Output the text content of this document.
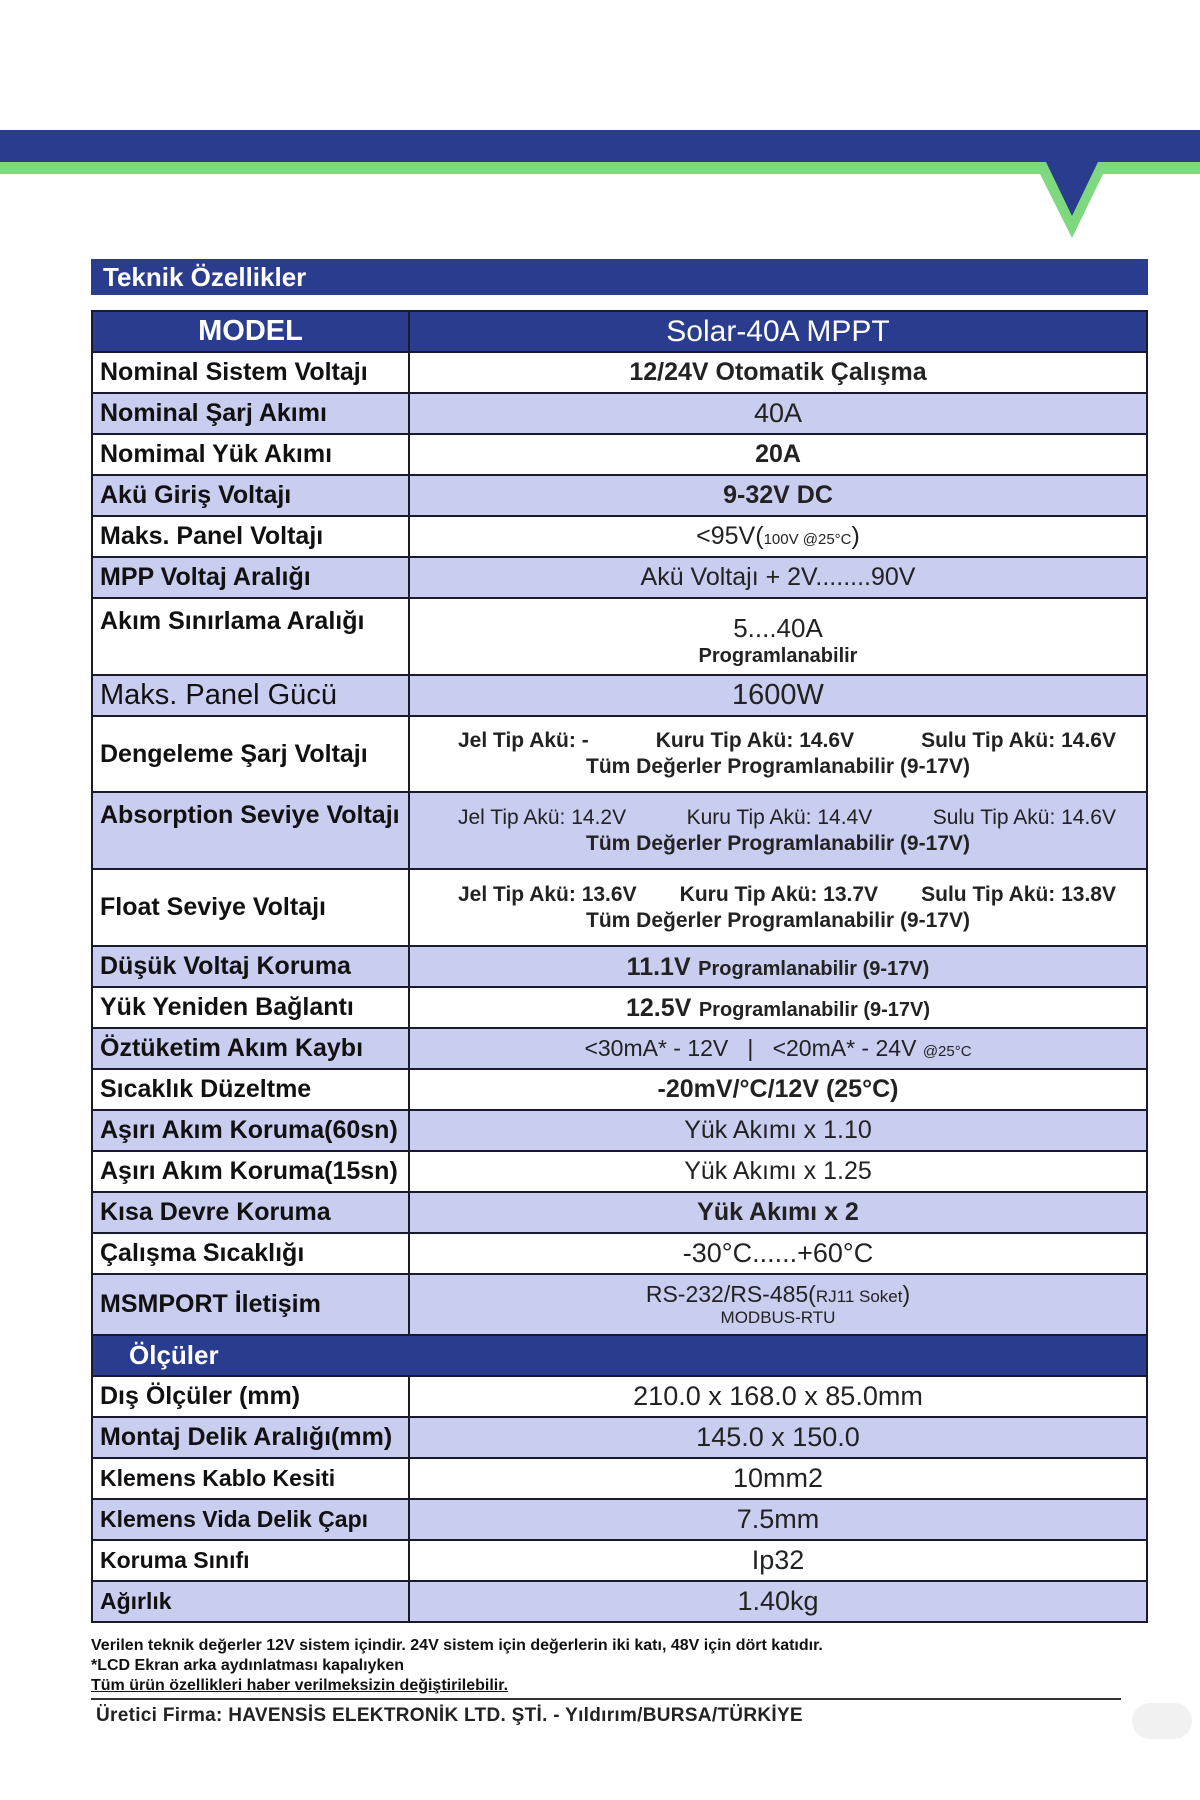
Teknik Özellikler
MODEL	Solar-40A MPPT
Nominal Sistem Voltajı	12/24V Otomatik Çalışma
Nominal Şarj Akımı	40A
Nomimal Yük Akımı	20A
Akü Giriş Voltajı	9-32V DC
Maks. Panel Voltajı	<95V(100V @25°C)
MPP Voltaj Aralığı	Akü Voltajı + 2V........90V
Akım Sınırlama Aralığı	5....40A
Programlanabilir

Maks. Panel Gücü	1600W
Dengeleme Şarj Voltajı	Jel Tip Akü: - Kuru Tip Akü: 14.6V Sulu Tip Akü: 14.6V
Tüm Değerler Programlanabilir (9-17V)

Absorption Seviye Voltajı	Jel Tip Akü: 14.2V Kuru Tip Akü: 14.4V Sulu Tip Akü: 14.6V
Tüm Değerler Programlanabilir (9-17V)

Float Seviye Voltajı	Jel Tip Akü: 13.6V Kuru Tip Akü: 13.7V Sulu Tip Akü: 13.8V
Tüm Değerler Programlanabilir (9-17V)

Düşük Voltaj Koruma	11.1V Programlanabilir (9-17V)
Yük Yeniden Bağlantı	12.5V Programlanabilir (9-17V)
Öztüketim Akım Kaybı	<30mA* - 12V   |   <20mA* - 24V @25°C
Sıcaklık Düzeltme	-20mV/°C/12V (25°C)
Aşırı Akım Koruma(60sn)	Yük Akımı x 1.10
Aşırı Akım Koruma(15sn)	Yük Akımı x 1.25
Kısa Devre Koruma	Yük Akımı x 2
Çalışma Sıcaklığı	-30°C......+60°C
MSMPORT İletişim	RS-232/RS-485(RJ11 Soket)
MODBUS-RTU

Ölçüler	
Dış Ölçüler (mm)	210.0 x 168.0 x 85.0mm
Montaj Delik Aralığı(mm)	145.0 x 150.0
Klemens Kablo Kesiti	10mm2
Klemens Vida Delik Çapı	7.5mm
Koruma Sınıfı	Ip32
Ağırlık	1.40kg
Verilen teknik değerler 12V sistem içindir. 24V sistem için değerlerin iki katı, 48V için dört katıdır.
*LCD Ekran arka aydınlatması kapalıyken
Tüm ürün özellikleri haber verilmeksizin değiştirilebilir.
Üretici Firma: HAVENSİS ELEKTRONİK LTD. ŞTİ. - Yıldırım/BURSA/TÜRKİYE
